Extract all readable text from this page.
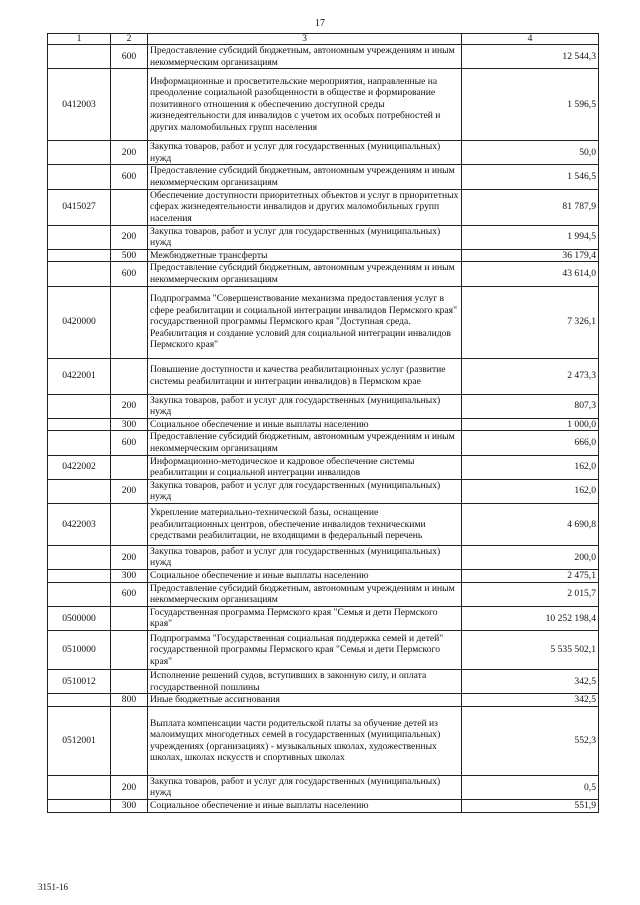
17
1	2	3	4
	600	Предоставление субсидий бюджетным, автономным учреждениям и иным некоммерческим организациям	12 544,3
0412003		Информационные и просветительские мероприятия, направленные на преодоление социальной разобщенности в обществе и формирование позитивного отношения к обеспечению доступной среды жизнедеятельности для инвалидов с учетом их особых потребностей и других маломобильных групп населения	1 596,5
	200	Закупка товаров, работ и услуг для государственных (муниципальных) нужд	50,0
	600	Предоставление субсидий бюджетным, автономным учреждениям и иным некоммерческим организациям	1 546,5
0415027		Обеспечение доступности приоритетных объектов и услуг в приоритетных сферах жизнедеятельности инвалидов и других маломобильных групп населения	81 787,9
	200	Закупка товаров, работ и услуг для государственных (муниципальных) нужд	1 994,5
	500	Межбюджетные трансферты	36 179,4
	600	Предоставление субсидий бюджетным, автономным учреждениям и иным некоммерческим организациям	43 614,0
0420000		Подпрограмма "Совершенствование механизма предоставления услуг в сфере реабилитации и социальной интеграции инвалидов Пермского края" государственной программы Пермского края "Доступная среда. Реабилитация и создание условий для социальной интеграции инвалидов Пермского края"	7 326,1
0422001		Повышение доступности и качества реабилитационных услуг (развитие системы реабилитации и интеграции инвалидов) в Пермском крае	2 473,3
	200	Закупка товаров, работ и услуг для государственных (муниципальных) нужд	807,3
	300	Социальное обеспечение и иные выплаты населению	1 000,0
	600	Предоставление субсидий бюджетным, автономным учреждениям и иным некоммерческим организациям	666,0
0422002		Информационно-методическое и кадровое обеспечение системы реабилитации и социальной интеграции инвалидов	162,0
	200	Закупка товаров, работ и услуг для государственных (муниципальных) нужд	162,0
0422003		Укрепление материально-технической базы, оснащение реабилитационных центров, обеспечение инвалидов техническими средствами реабилитации, не входящими в федеральный перечень	4 690,8
	200	Закупка товаров, работ и услуг для государственных (муниципальных) нужд	200,0
	300	Социальное обеспечение и иные выплаты населению	2 475,1
	600	Предоставление субсидий бюджетным, автономным учреждениям и иным некоммерческим организациям	2 015,7
0500000		Государственная программа Пермского края "Семья и дети Пермского края"	10 252 198,4
0510000		Подпрограмма "Государственная социальная поддержка семей и детей" государственной программы Пермского края "Семья и дети Пермского края"	5 535 502,1
0510012		Исполнение решений судов, вступивших в законную силу, и оплата государственной пошлины	342,5
	800	Иные бюджетные ассигнования	342,5
0512001		Выплата компенсации части родительской платы за обучение детей из малоимущих многодетных семей в государственных (муниципальных) учреждениях (организациях) - музыкальных школах, художественных школах, школах искусств и спортивных школах	552,3
	200	Закупка товаров, работ и услуг для государственных (муниципальных) нужд	0,5
	300	Социальное обеспечение и иные выплаты населению	551,9
3151-16
